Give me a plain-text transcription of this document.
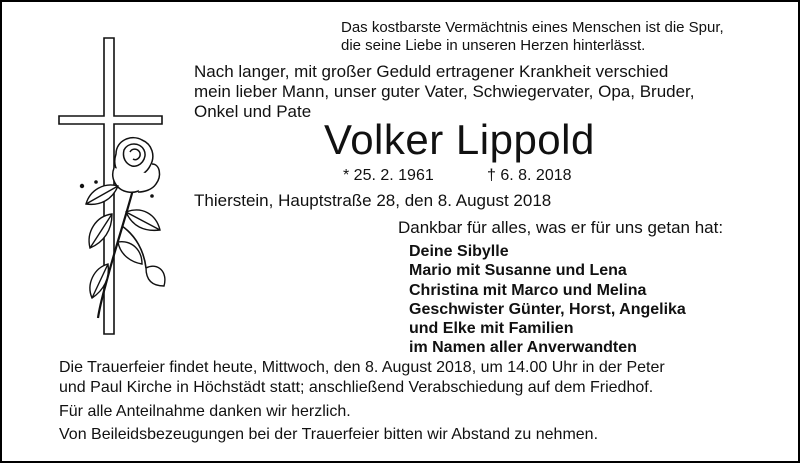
Das kostbarste Vermächtnis eines Menschen ist die Spur,
die seine Liebe in unseren Herzen hinterlässt.
Nach langer, mit großer Geduld ertragener Krankheit verschied
mein lieber Mann, unser guter Vater, Schwiegervater, Opa, Bruder,
Onkel und Pate
Volker Lippold
* 25. 2. 1961	† 6. 8. 2018
Thierstein, Hauptstraße 28, den 8. August 2018
Dankbar für alles, was er für uns getan hat:
Deine Sibylle
Mario mit Susanne und Lena
Christina mit Marco und Melina
Geschwister Günter, Horst, Angelika
und Elke mit Familien
im Namen aller Anverwandten
Die Trauerfeier findet heute, Mittwoch, den 8. August 2018, um 14.00 Uhr in der Peter
und Paul Kirche in Höchstädt statt; anschließend Verabschiedung auf dem Friedhof.
Für alle Anteilnahme danken wir herzlich.
Von Beileidsbezeugungen bei der Trauerfeier bitten wir Abstand zu nehmen.
